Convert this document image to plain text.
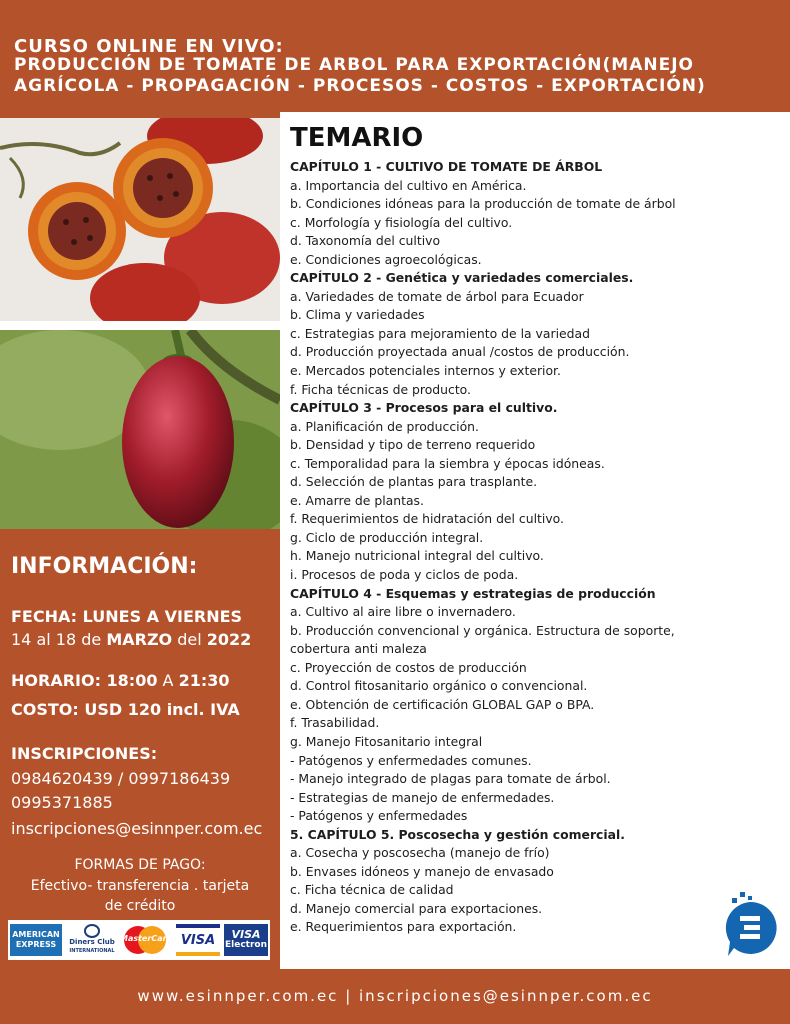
CURSO ONLINE EN VIVO:
PRODUCCIÓN DE TOMATE DE ARBOL PARA EXPORTACIÓN(MANEJO
AGRÍCOLA - PROPAGACIÓN - PROCESOS - COSTOS - EXPORTACIÓN)
INFORMACIÓN:
FECHA: LUNES A VIERNES
14 al 18 de MARZO del 2022
HORARIO: 18:00 A 21:30
COSTO: USD 120 incl. IVA
INSCRIPCIONES:
0984620439 / 0997186439
0995371885
inscripciones@esinnper.com.ec
FORMAS DE PAGO:
Efectivo- transferencia . tarjeta
de crédito
AMERICAN
EXPRESS Diners Club
INTERNATIONAL
MasterCard VISA	VISA
Electron
TEMARIO
CAPÍTULO 1 - CULTIVO DE TOMATE DE ÁRBOL
a. Importancia del cultivo en América.
b. Condiciones idóneas para la producción de tomate de árbol
c. Morfología y fisiología del cultivo.
d. Taxonomía del cultivo
e. Condiciones agroecológicas.
CAPÍTULO 2 - Genética y variedades comerciales.
a. Variedades de tomate de árbol para Ecuador
b. Clima y variedades
c. Estrategias para mejoramiento de la variedad
d. Producción proyectada anual /costos de producción.
e. Mercados potenciales internos y exterior.
f. Ficha técnicas de producto.
CAPÍTULO 3 - Procesos para el cultivo.
a. Planificación de producción.
b. Densidad y tipo de terreno requerido
c. Temporalidad para la siembra y épocas idóneas.
d. Selección de plantas para trasplante.
e. Amarre de plantas.
f. Requerimientos de hidratación del cultivo.
g. Ciclo de producción integral.
h. Manejo nutricional integral del cultivo.
i. Procesos de poda y ciclos de poda.
CAPÍTULO 4 - Esquemas y estrategias de producción
a. Cultivo al aire libre o invernadero.
b. Producción convencional y orgánica. Estructura de soporte,
cobertura anti maleza
c. Proyección de costos de producción
d. Control fitosanitario orgánico o convencional.
e. Obtención de certificación GLOBAL GAP o BPA.
f. Trasabilidad.
g. Manejo Fitosanitario integral
- Patógenos y enfermedades comunes.
- Manejo integrado de plagas para tomate de árbol.
- Estrategias de manejo de enfermedades.
- Patógenos y enfermedades
5. CAPÍTULO 5. Poscosecha y gestión comercial.
a. Cosecha y poscosecha (manejo de frío)
b. Envases idóneos y manejo de envasado
c. Ficha técnica de calidad
d. Manejo comercial para exportaciones.
e. Requerimientos para exportación.
www.esinnper.com.ec | inscripciones@esinnper.com.ec
